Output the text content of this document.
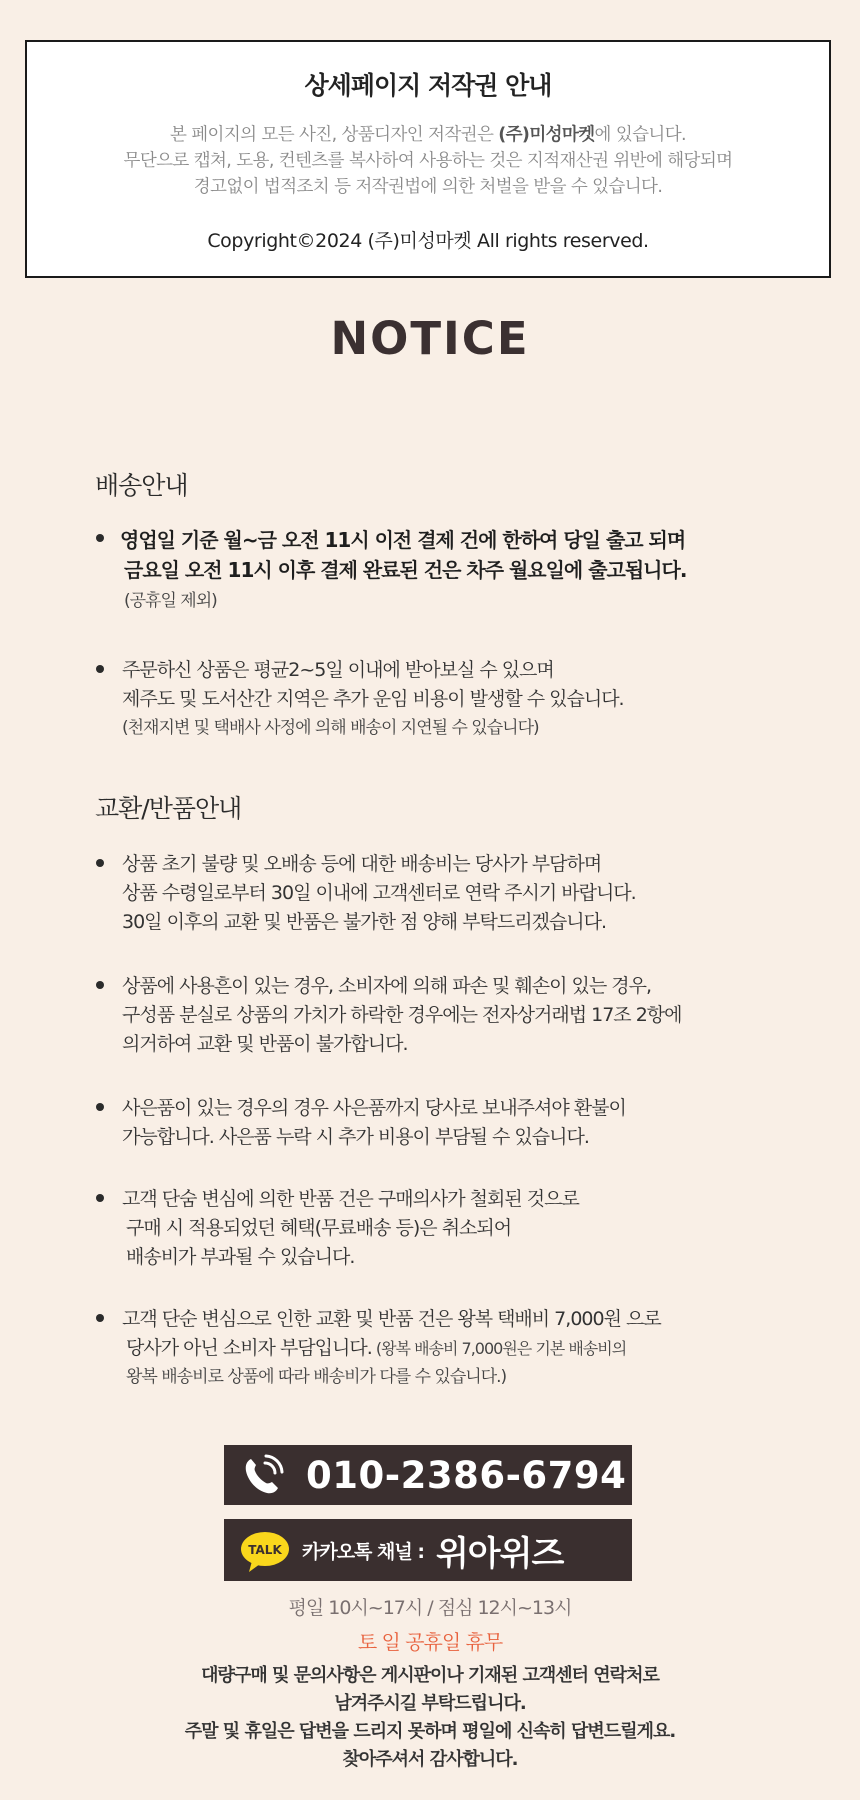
상세페이지 저작권 안내
본 페이지의 모든 사진, 상품디자인 저작권은 (주)미성마켓에 있습니다.
무단으로 캡쳐, 도용, 컨텐츠를 복사하여 사용하는 것은 지적재산권 위반에 해당되며
경고없이 법적조치 등 저작권법에 의한 처벌을 받을 수 있습니다.
Copyright©2024 (주)미성마켓 All rights reserved.
NOTICE
배송안내
영업일 기준 월~금 오전 11시 이전 결제 건에 한하여 당일 출고 되며
금요일 오전 11시 이후 결제 완료된 건은 차주 월요일에 출고됩니다.
(공휴일 제외)
주문하신 상품은 평균2~5일 이내에 받아보실 수 있으며
제주도 및 도서산간 지역은 추가 운임 비용이 발생할 수 있습니다.
(천재지변 및 택배사 사정에 의해 배송이 지연될 수 있습니다)
교환/반품안내
상품 초기 불량 및 오배송 등에 대한 배송비는 당사가 부담하며
상품 수령일로부터 30일 이내에 고객센터로 연락 주시기 바랍니다.
30일 이후의 교환 및 반품은 불가한 점 양해 부탁드리겠습니다.
상품에 사용흔이 있는 경우, 소비자에 의해 파손 및 훼손이 있는 경우,
구성품 분실로 상품의 가치가 하락한 경우에는 전자상거래법 17조 2항에
의거하여 교환 및 반품이 불가합니다.
사은품이 있는 경우의 경우 사은품까지 당사로 보내주셔야 환불이
가능합니다. 사은품 누락 시 추가 비용이 부담될 수 있습니다.
고객 단숨 변심에 의한 반품 건은 구매의사가 철회된 것으로
구매 시 적용되었던 혜택(무료배송 등)은 취소되어
배송비가 부과될 수 있습니다.
고객 단순 변심으로 인한 교환 및 반품 건은 왕복 택배비 7,000원 으로
당사가 아닌 소비자 부담입니다. (왕복 배송비 7,000원은 기본 배송비의
왕복 배송비로 상품에 따라 배송비가 다를 수 있습니다.)
010-2386-6794
TALK 카카오톡 채널 : 위아위즈
평일 10시~17시 / 점심 12시~13시
토 일 공휴일 휴무
대량구매 및 문의사항은 게시판이나 기재된 고객센터 연락처로
남겨주시길 부탁드립니다.
주말 및 휴일은 답변을 드리지 못하며 평일에 신속히 답변드릴게요.
찾아주셔서 감사합니다.
